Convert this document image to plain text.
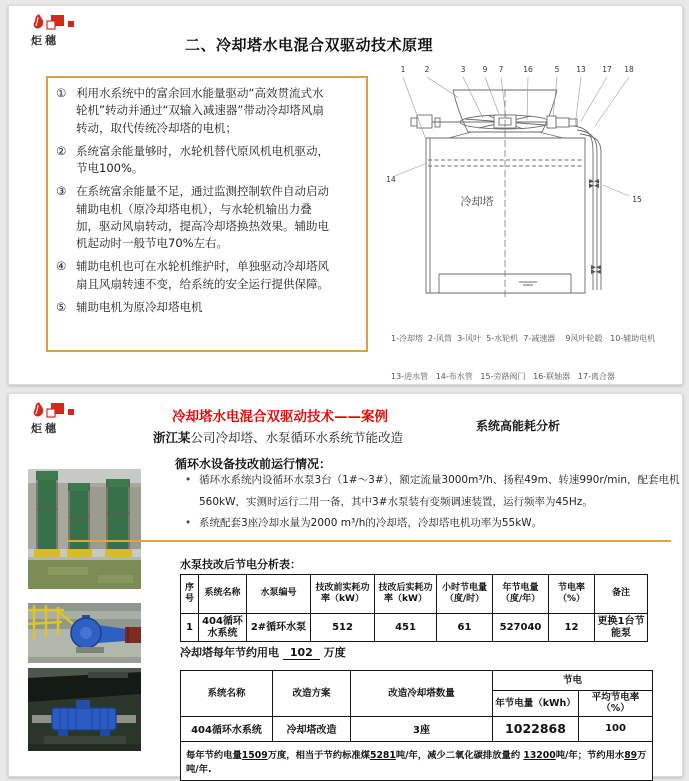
炬穗	二、冷却塔水电混合双驱动技术原理
① 利用水系统中的富余回水能量驱动“高效贯流式水轮机”转动并通过“双输入减速器”带动冷却塔风扇转动，取代传统冷却塔的电机；
② 系统富余能量够时，水轮机替代原风机电机驱动，节电100%。
③ 在系统富余能量不足，通过监测控制软件自动启动辅助电机（原冷却塔电机），与水轮机输出力叠加，驱动风扇转动，提高冷却塔换热效果。辅助电机起动时一般节电70%左右。
④ 辅助电机也可在水轮机维护时，单独驱动冷却塔风扇且风扇转速不变，给系统的安全运行提供保障。
⑤ 辅助电机为原冷却塔电机
1	2	3 9 7	16	5 13 17 18
14
15
冷却塔

1-冷却塔  2-风筒  3-风叶  5-水轮机  7-减速器    9风叶轮毂   10-辅助电机

13-进水管   14-布水管   15-旁路阀门   16-联轴器   17-离合器

炬穗
冷却塔水电混合双驱动技术——案例
系统高能耗分析
浙江某公司冷却塔、水泵循环水系统节能改造
循环水设备技改前运行情况：
• 循环水系统内设循环水泵3台（1#～3#），额定流量3000m³/h、扬程49m、转速990r/min，配套电机560kW，实测时运行二用一备，其中3#水泵装有变频调速装置，运行频率为45Hz。
• 系统配套3座冷却水量为2000 m³/h的冷却塔，冷却塔电机功率为55kW。
水泵技改后节电分析表：
序号	系统名称	水泵编号	技改前实耗功率（kW）	技改后实耗功率（kW）	小时节电量（度/时）	年节电量（度/年）	节电率（%）	备注
1	404循环水系统	2#循环水泵	512	451	61	527040	12	更换1台节能泵
冷却塔每年节约用电 102 万度
系统名称	改造方案	改造冷却塔数量	节电	
			年节电量（kWh）	平均节电率（%）
404循环水系统	冷却塔改造	3座	1022868	100
每年节约电量1509万度，相当于节约标准煤5281吨/年，减少二氧化碳排放量约 13200吨/年；节约用水89万吨/年.				
